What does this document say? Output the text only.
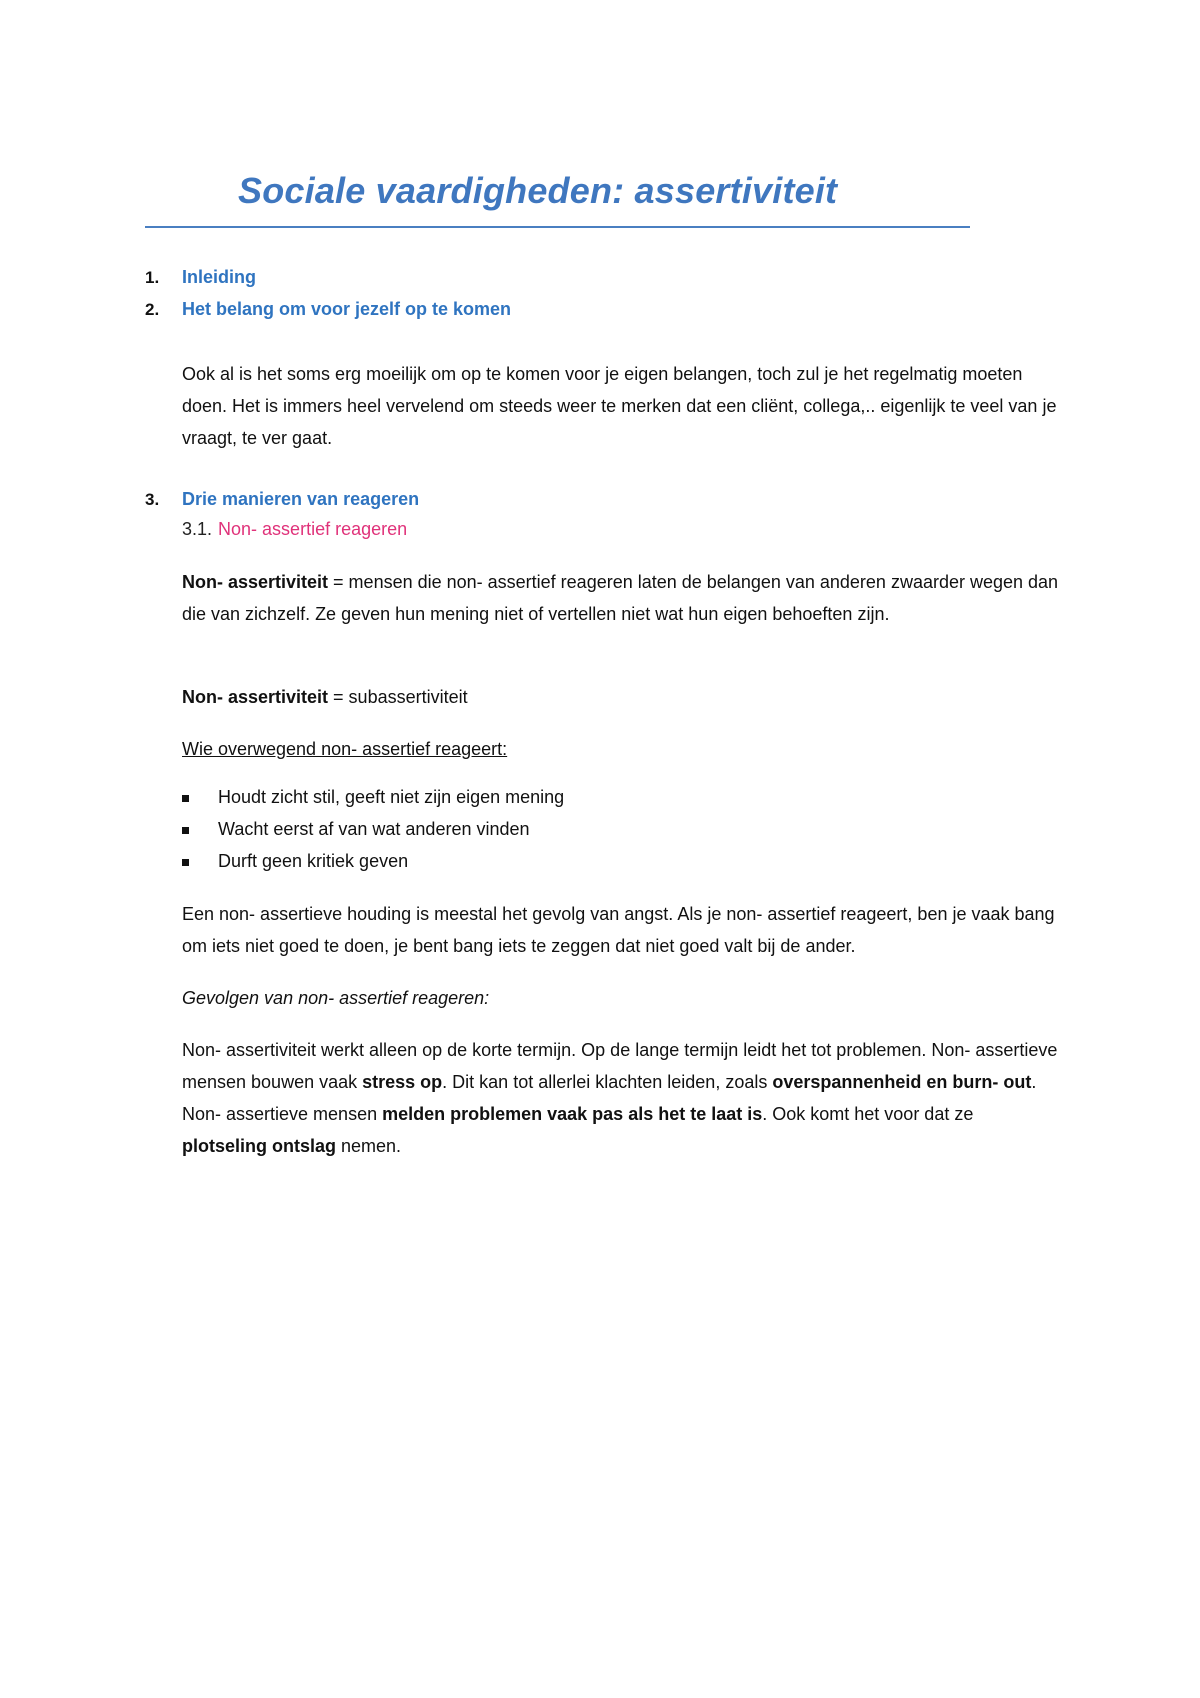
Sociale vaardigheden: assertiviteit
1. Inleiding
2. Het belang om voor jezelf op te komen
Ook al is het soms erg moeilijk om op te komen voor je eigen belangen, toch zul je het regelmatig moeten doen. Het is immers heel vervelend om steeds weer te merken dat een cliënt, collega,.. eigenlijk te veel van je vraagt, te ver gaat.
3. Drie manieren van reageren
3.1. Non- assertief reageren
Non- assertiviteit = mensen die non- assertief reageren laten de belangen van anderen zwaarder wegen dan die van zichzelf. Ze geven hun mening niet of vertellen niet wat hun eigen behoeften zijn.
Non- assertiviteit = subassertiviteit
Wie overwegend non- assertief reageert:
Houdt zicht stil, geeft niet zijn eigen mening
Wacht eerst af van wat anderen vinden
Durft geen kritiek geven
Een non- assertieve houding is meestal het gevolg van angst. Als je non- assertief reageert, ben je vaak bang om iets niet goed te doen, je bent bang iets te zeggen dat niet goed valt bij de ander.
Gevolgen van non- assertief reageren:
Non- assertiviteit werkt alleen op de korte termijn. Op de lange termijn leidt het tot problemen. Non- assertieve mensen bouwen vaak stress op. Dit kan tot allerlei klachten leiden, zoals overspannenheid en burn- out. Non- assertieve mensen melden problemen vaak pas als het te laat is. Ook komt het voor dat ze plotseling ontslag nemen.
